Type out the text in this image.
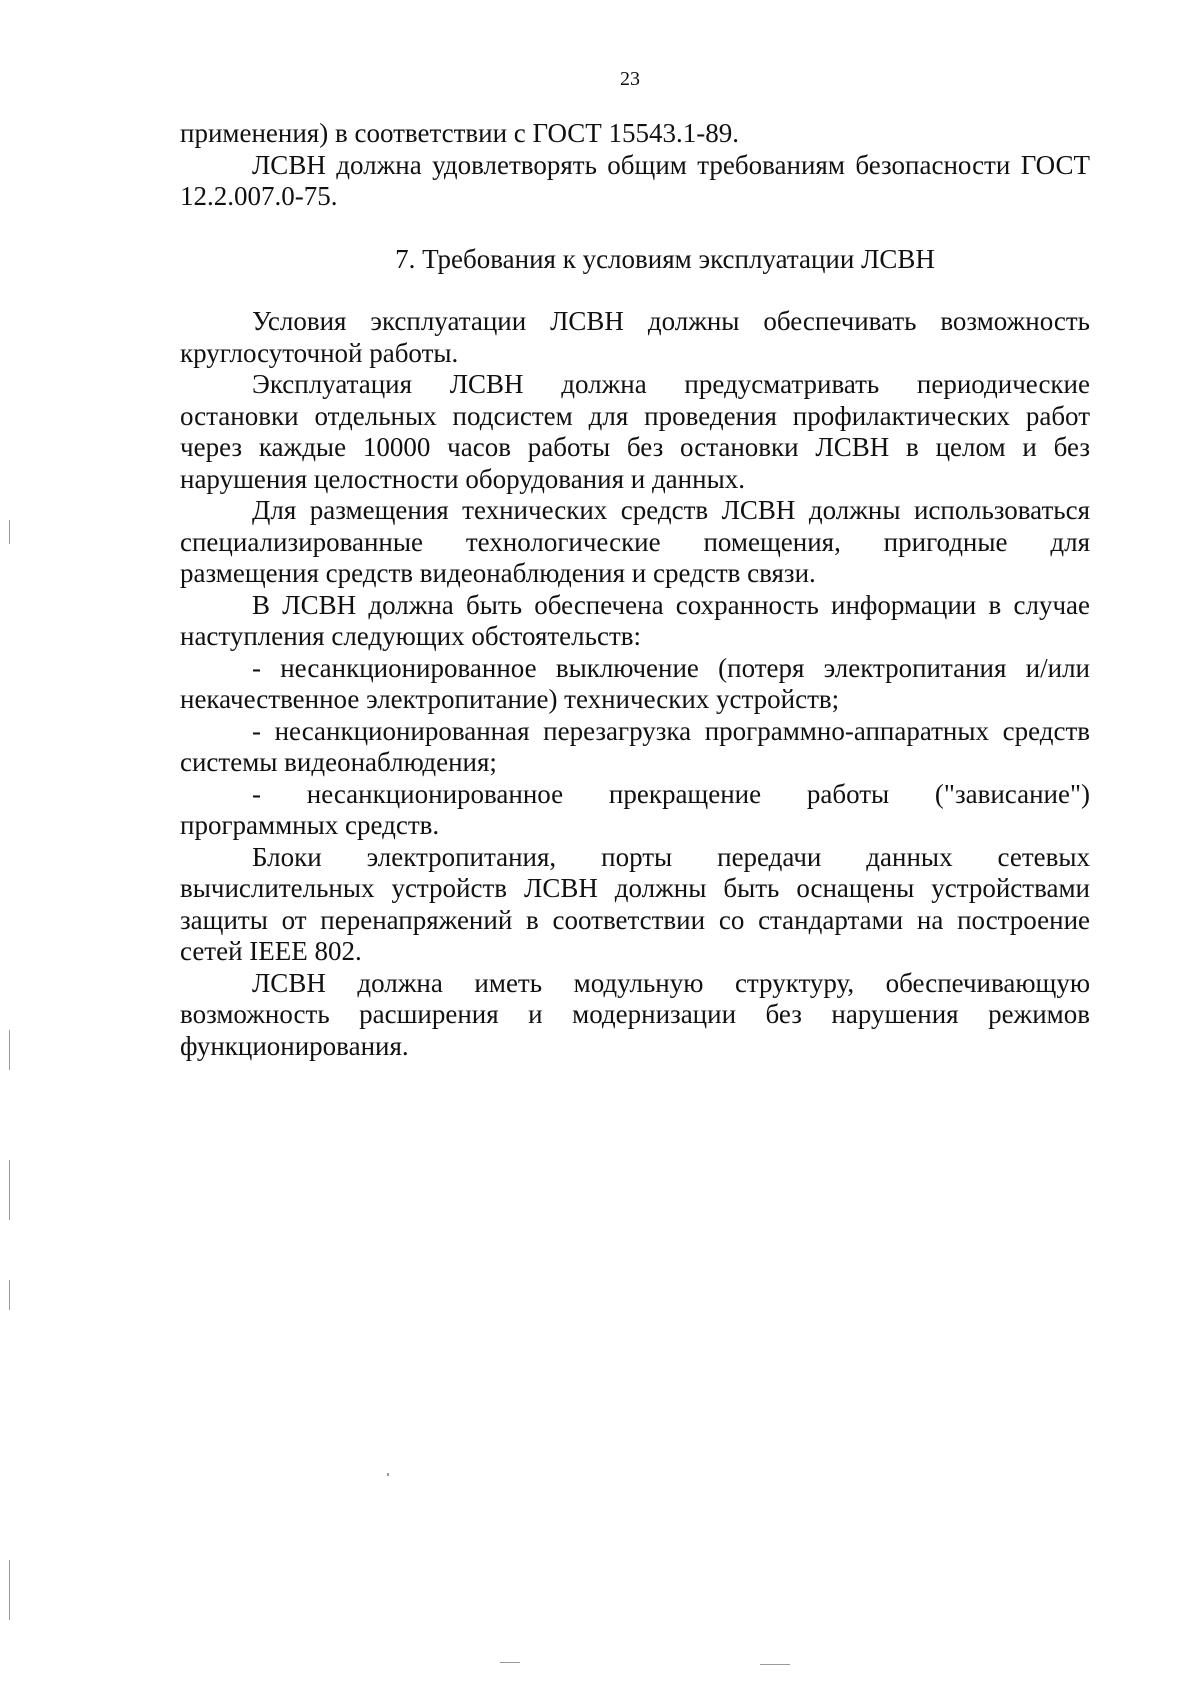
23

применения) в соответствии с ГОСТ 15543.1-89.

ЛСВН должна удовлетворять общим требованиям безопасности ГОСТ 12.2.007.0-75.

7. Требования к условиям эксплуатации ЛСВН

Условия эксплуатации ЛСВН должны обеспечивать возможность круглосуточной работы.

Эксплуатация ЛСВН должна предусматривать периодические остановки отдельных подсистем для проведения профилактических работ через каждые 10000 часов работы без остановки ЛСВН в целом и без нарушения целостности оборудования и данных.

Для размещения технических средств ЛСВН должны использоваться специализированные технологические помещения, пригодные для размещения средств видеонаблюдения и средств связи.

В ЛСВН должна быть обеспечена сохранность информации в случае наступления следующих обстоятельств:

- несанкционированное выключение (потеря электропитания и/или некачественное электропитание) технических устройств;

- несанкционированная перезагрузка программно-аппаратных средств системы видеонаблюдения;

- несанкционированное прекращение работы ("зависание") программных средств.

Блоки электропитания, порты передачи данных сетевых вычислительных устройств ЛСВН должны быть оснащены устройствами защиты от перенапряжений в соответствии со стандартами на построение сетей IEEE 802.

ЛСВН должна иметь модульную структуру, обеспечивающую возможность расширения и модернизации без нарушения режимов функционирования.
